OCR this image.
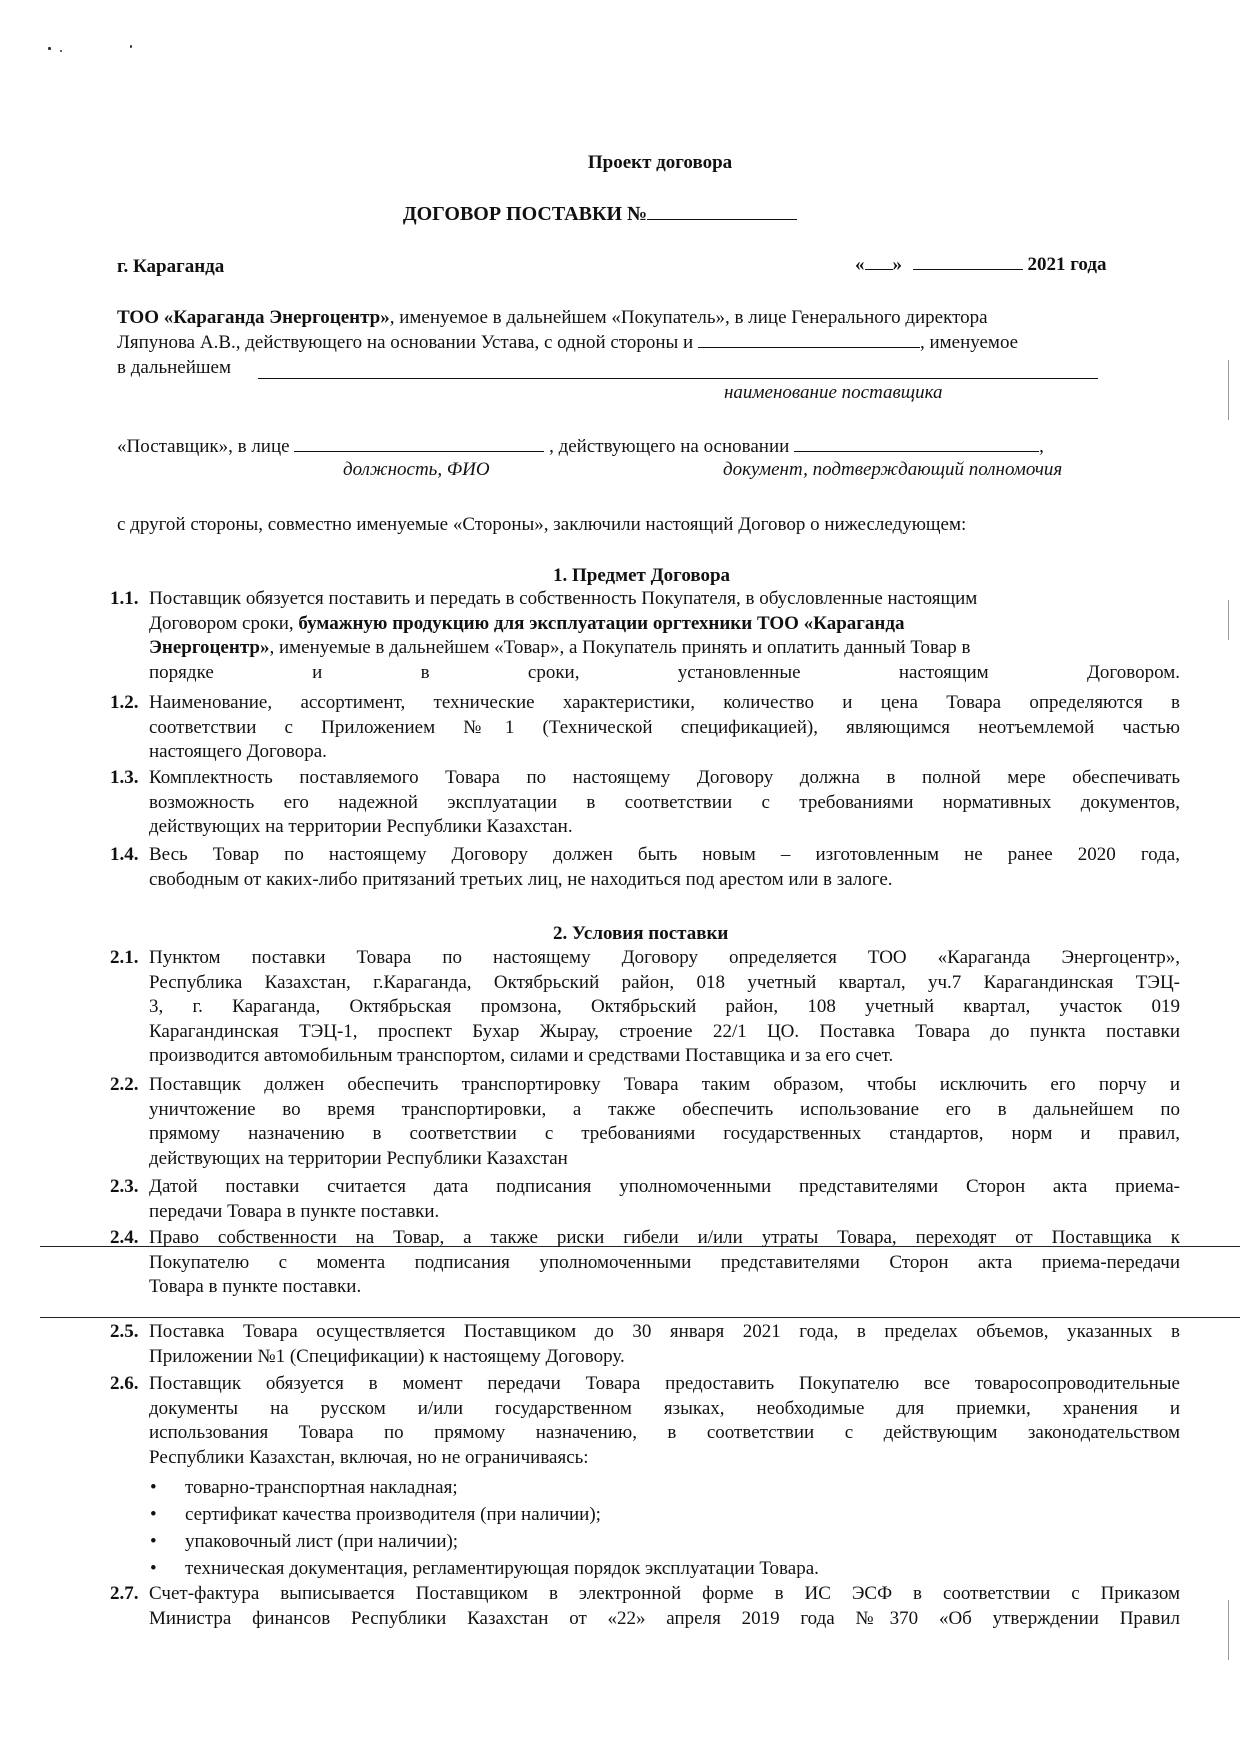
Проект договора
ДОГОВОР ПОСТАВКИ №
г. Караганда	« »	2021 года
ТОО «Караганда Энергоцентр», именуемое в дальнейшем «Покупатель», в лице Генерального директора
Ляпунова А.В., действующего на основании Устава, с одной стороны и	, именуемое
в дальнейшем
наименование поставщика
«Поставщик», в лице	, действующего на основании	,
должность, ФИО	документ, подтверждающий полномочия
с другой стороны, совместно именуемые «Стороны», заключили настоящий Договор о нижеследующем:
1. Предмет Договора
1.1. Поставщик обязуется поставить и передать в собственность Покупателя, в обусловленные настоящим

Договором сроки, бумажную продукцию для эксплуатации оргтехники ТОО «Караганда
Энергоцентр», именуемые в дальнейшем «Товар», а Покупатель принять и оплатить данный Товар в
порядке и в сроки, установленные настоящим Договором.
1.2. Наименование, ассортимент, технические характеристики, количество и цена Товара определяются в
соответствии с Приложением №1 (Технической спецификацией), являющимся неотъемлемой частью
настоящего Договора.
1.3. Комплектность поставляемого Товара по настоящему Договору должна в полной мере обеспечивать
возможность его надежной эксплуатации в соответствии с требованиями нормативных документов,
действующих на территории Республики Казахстан.
1.4. Весь Товар по настоящему Договору должен быть новым – изготовленным не ранее 2020 года,
свободным от каких-либо притязаний третьих лиц, не находиться под арестом или в залоге.
2. Условия поставки
2.1. Пунктом поставки Товара по настоящему Договору определяется ТОО «Караганда Энергоцентр»,
Республика Казахстан, г.Караганда, Октябрьский район, 018 учетный квартал, уч.7 Карагандинская ТЭЦ-
3, г. Караганда, Октябрьская промзона, Октябрьский район, 108 учетный квартал, участок 019
Карагандинская ТЭЦ-1, проспект Бухар Жырау, строение 22/1 ЦО. Поставка Товара до пункта поставки
производится автомобильным транспортом, силами и средствами Поставщика и за его счет.
2.2. Поставщик должен обеспечить транспортировку Товара таким образом, чтобы исключить его порчу и
уничтожение во время транспортировки, а также обеспечить использование его в дальнейшем по
прямому назначению в соответствии с требованиями государственных стандартов, норм и правил,
действующих на территории Республики Казахстан
2.3. Датой поставки считается дата подписания уполномоченными представителями Сторон акта приема-
передачи Товара в пункте поставки.
2.4. Право собственности на Товар, а также риски гибели и/или утраты Товара, переходят от Поставщика к
Покупателю с момента подписания уполномоченными представителями Сторон акта приема-передачи
Товара в пункте поставки.
2.5. Поставка Товара осуществляется Поставщиком до 30 января 2021 года, в пределах объемов, указанных в
Приложении №1 (Спецификации) к настоящему Договору.
2.6. Поставщик обязуется в момент передачи Товара предоставить Покупателю все товаросопроводительные
документы на русском и/или государственном языках, необходимые для приемки, хранения и
использования Товара по прямому назначению, в соответствии с действующим законодательством
Республики Казахстан, включая, но не ограничиваясь:
• товарно-транспортная накладная;
• сертификат качества производителя (при наличии);
• упаковочный лист (при наличии);
• техническая документация, регламентирующая порядок эксплуатации Товара.
2.7. Счет-фактура выписывается Поставщиком в электронной форме в ИС ЭСФ в соответствии с Приказом
Министра финансов Республики Казахстан от «22» апреля 2019 года №370 «Об утверждении Правил
